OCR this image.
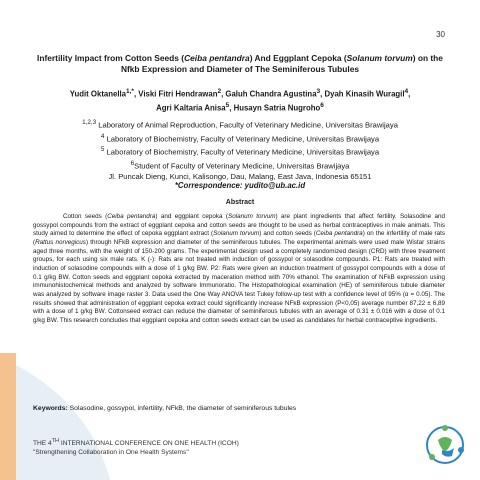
30
Infertility Impact from Cotton Seeds (Ceiba pentandra) And Eggplant Cepoka (Solanum torvum) on the Nfkb Expression and Diameter of The Seminiferous Tubules
Yudit Oktanella$^{1,*}$, Viski Fitri Hendrawan$^2$, Galuh Chandra Agustina$^3$, Dyah Kinasih Wuragil$^4$,
Agri Kaltaria Anisa$^5$, Husayn Satria Nugroho$^6$
$^{1,2,3}$ Laboratory of Animal Reproduction, Faculty of Veterinary Medicine, Universitas Brawijaya
$^4$ Laboratory of Biochemistry, Faculty of Veterinary Medicine, Universitas Brawijaya
$^5$ Laboratory of Biochemistry, Faculty of Veterinary Medicine, Universitas Brawijaya
$^6$Student of Faculty of Veterinary Medicine, Universitas Brawijaya
Jl. Puncak Dieng, Kunci, Kalisongo, Dau, Malang, East Java, Indonesia 65151
*Correspondence: yudito@ub.ac.id
Abstract
Cotton seeds (Ceiba pentandra) and eggplant cepoka (Solanum torvum) are plant ingredients that affect fertility. Solasodine and gossypol compounds from the extract of eggplant cepoka and cotton seeds are thought to be used as herbal contraceptives in male animals. This study aimed to determine the effect of cepoka eggplant extract (Solanum torvum) and cotton seeds (Ceiba pentandra) on the infertility of male rats (Rattus norvegicus) through NFkB expression and diameter of the seminiferous tubules. The experimental animals were used male Wistar strains aged three months, with the weight of 150-200 grams. The experimental design used a completely randomized design (CRD) with three treatment groups, for each using six male rats. K (-): Rats are not treated with induction of gossypol or solasodine compounds. P1: Rats are treated with induction of solasodine compounds with a dose of 1 g/kg BW. P2: Rats were given an induction treatment of gossypol compounds with a dose of 0.1 g/kg BW. Cotton seeds and eggplant cepoka extracted by maceration method with 70% ethanol. The examination of NFkB expression using immunohistochemical methods and analyzed by software Immunoratio. The Histopathological examination (HE) of seminiferous tubule diameter was analyzed by software image raster 3. Data used the One Way ANOVA test Tukey follow-up test with a confidence level of 95% (α = 0.05). The results showed that administration of eggplant cepoka extract could significantly increase NFkB expression (P<0,05) average number 87,22 ± 6,89 with a dose of 1 g/kg BW. Cottonseed extract can reduce the diameter of seminiferous tubules with an average of 0.31 ± 0.016 with a dose of 0.1 g/kg BW. This research concludes that eggplant cepoka and cotton seeds extract can be used as candidates for herbal contraceptive ingredients.
Keywords: Solasodine, gossypol, infertility, NFkB, the diameter of seminiferous tubules
THE 4TH INTERNATIONAL CONFERENCE ON ONE HEALTH (ICOH)
"Strengthening Collaboration in One Health Systems"
